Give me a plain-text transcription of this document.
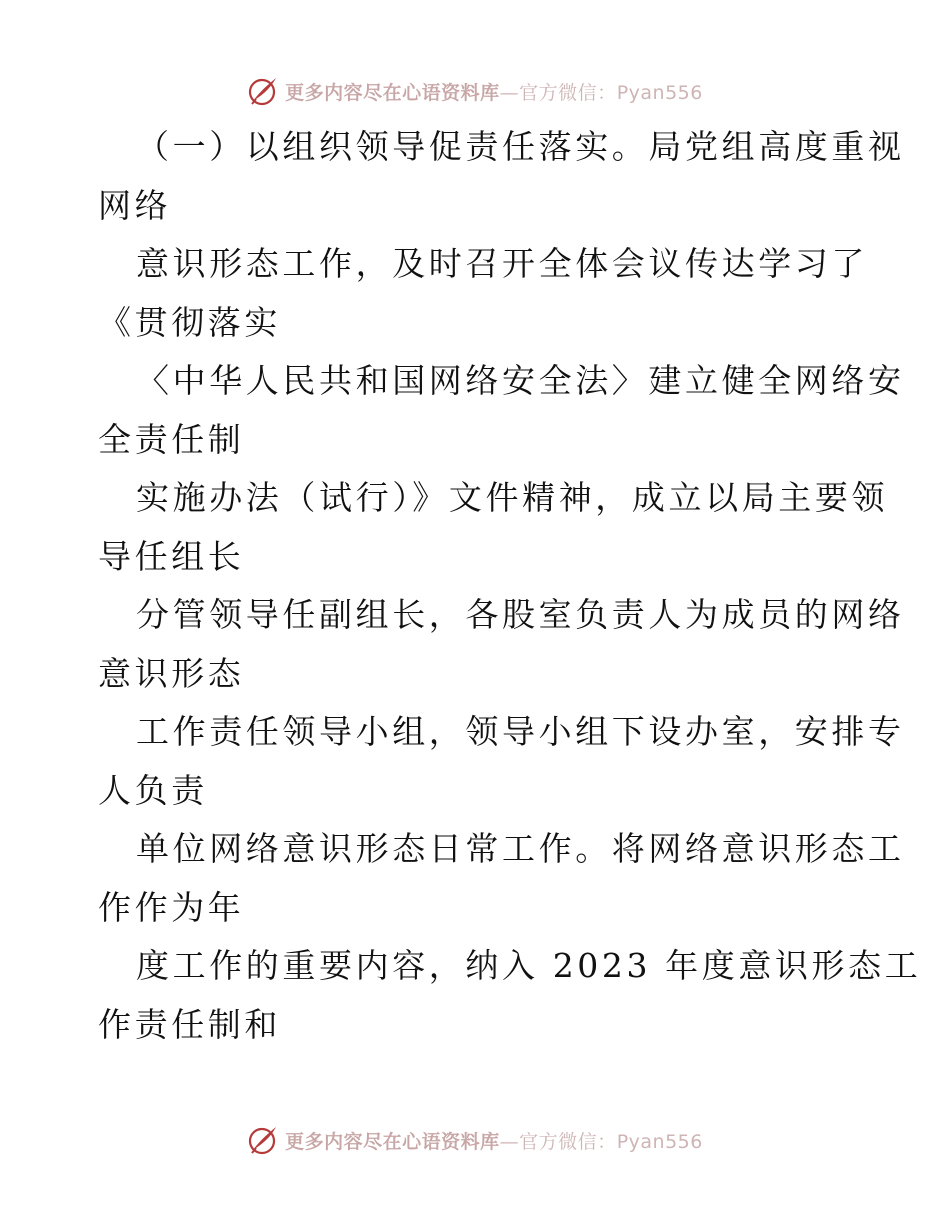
更多内容尽在心语资料库—官方微信：Pyan556
（一）以组织领导促责任落实。局党组高度重视
网络
意识形态工作，及时召开全体会议传达学习了
《贯彻落实
〈中华人民共和国网络安全法〉建立健全网络安
全责任制
实施办法（试行）》文件精神，成立以局主要领
导任组长
分管领导任副组长，各股室负责人为成员的网络
意识形态
工作责任领导小组，领导小组下设办室，安排专
人负责
单位网络意识形态日常工作。将网络意识形态工
作作为年
度工作的重要内容，纳入 2023 年度意识形态工
作责任制和
更多内容尽在心语资料库—官方微信：Pyan556
